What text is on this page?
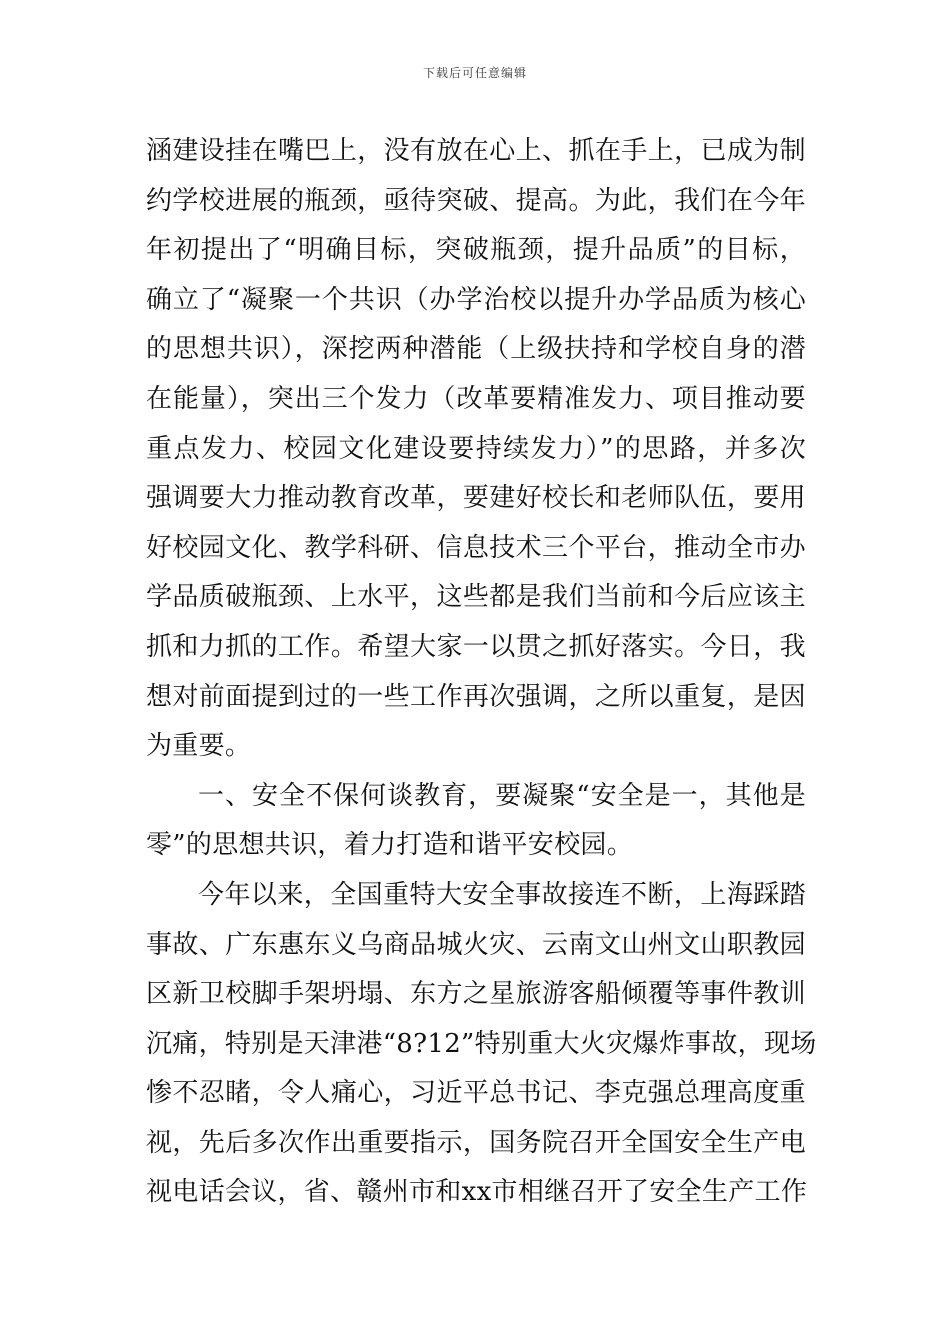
下载后可任意编辑
涵建设挂在嘴巴上，没有放在心上、抓在手上，已成为制
约学校进展的瓶颈，亟待突破、提高。为此，我们在今年
年初提出了“明确目标，突破瓶颈，提升品质”的目标，
确立了“凝聚一个共识（办学治校以提升办学品质为核心
的思想共识），深挖两种潜能（上级扶持和学校自身的潜
在能量），突出三个发力（改革要精准发力、项目推动要
重点发力、校园文化建设要持续发力）”的思路，并多次
强调要大力推动教育改革，要建好校长和老师队伍，要用
好校园文化、教学科研、信息技术三个平台，推动全市办
学品质破瓶颈、上水平，这些都是我们当前和今后应该主
抓和力抓的工作。希望大家一以贯之抓好落实。今日，我
想对前面提到过的一些工作再次强调，之所以重复，是因
为重要。
一、安全不保何谈教育，要凝聚“安全是一，其他是
零”的思想共识，着力打造和谐平安校园。
今年以来，全国重特大安全事故接连不断，上海踩踏
事故、广东惠东义乌商品城火灾、云南文山州文山职教园
区新卫校脚手架坍塌、东方之星旅游客船倾覆等事件教训
沉痛，特别是天津港“8?12”特别重大火灾爆炸事故，现场
惨不忍睹，令人痛心，习近平总书记、李克强总理高度重
视，先后多次作出重要指示，国务院召开全国安全生产电
视电话会议，省、赣州市和xx市相继召开了安全生产工作
